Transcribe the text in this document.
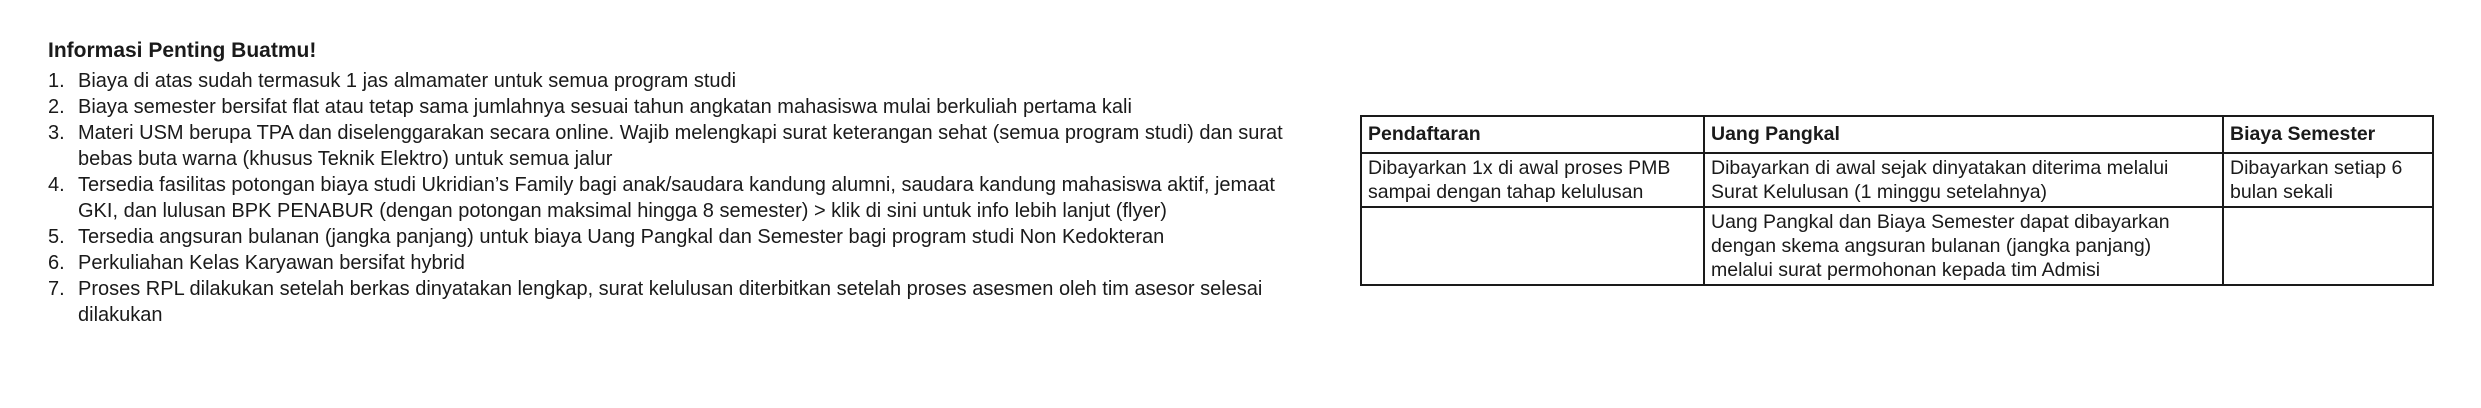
Informasi Penting Buatmu!
1. Biaya di atas sudah termasuk 1 jas almamater untuk semua program studi
2. Biaya semester bersifat flat atau tetap sama jumlahnya sesuai tahun angkatan mahasiswa mulai berkuliah pertama kali
3. Materi USM berupa TPA dan diselenggarakan secara online. Wajib melengkapi surat keterangan sehat (semua program studi) dan surat bebas buta warna (khusus Teknik Elektro) untuk semua jalur
4. Tersedia fasilitas potongan biaya studi Ukridian’s Family bagi anak/saudara kandung alumni, saudara kandung mahasiswa aktif, jemaat GKI, dan lulusan BPK PENABUR (dengan potongan maksimal hingga 8 semester) > klik di sini untuk info lebih lanjut (flyer)
5. Tersedia angsuran bulanan (jangka panjang) untuk biaya Uang Pangkal dan Semester bagi program studi Non Kedokteran
6. Perkuliahan Kelas Karyawan bersifat hybrid
7. Proses RPL dilakukan setelah berkas dinyatakan lengkap, surat kelulusan diterbitkan setelah proses asesmen oleh tim asesor selesai dilakukan
Pendaftaran	Uang Pangkal	Biaya Semester
Dibayarkan 1x di awal proses PMB sampai dengan tahap kelulusan	Dibayarkan di awal sejak dinyatakan diterima melalui Surat Kelulusan (1 minggu setelahnya)	Dibayarkan setiap 6 bulan sekali
	Uang Pangkal dan Biaya Semester dapat dibayarkan dengan skema angsuran bulanan (jangka panjang) melalui surat permohonan kepada tim Admisi	
